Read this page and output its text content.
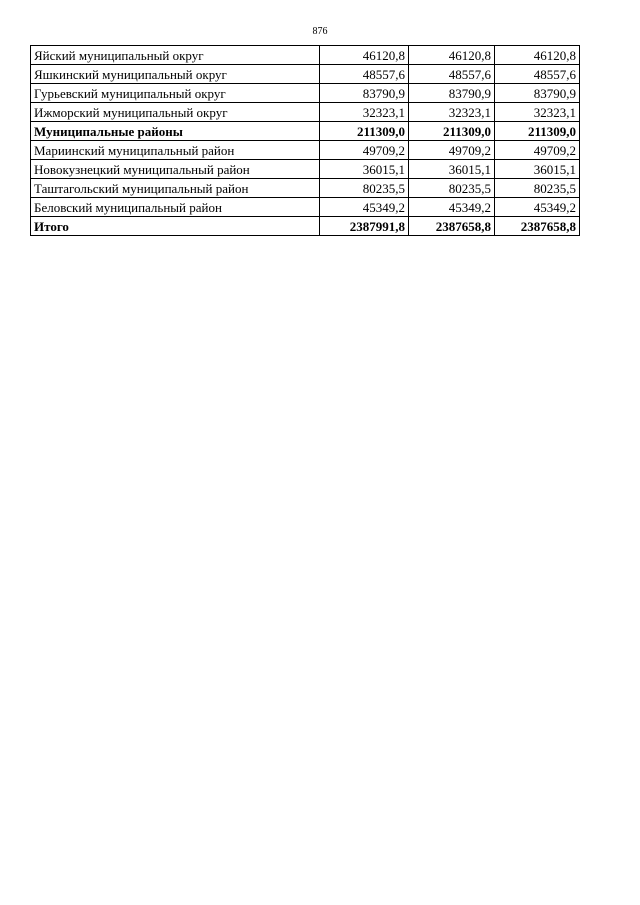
876
Яйский муниципальный округ	46120,8	46120,8	46120,8
Яшкинский муниципальный округ	48557,6	48557,6	48557,6
Гурьевский муниципальный округ	83790,9	83790,9	83790,9
Ижморский муниципальный округ	32323,1	32323,1	32323,1
Муниципальные районы	211309,0	211309,0	211309,0
Мариинский муниципальный район	49709,2	49709,2	49709,2
Новокузнецкий муниципальный район	36015,1	36015,1	36015,1
Таштагольский муниципальный район	80235,5	80235,5	80235,5
Беловский муниципальный район	45349,2	45349,2	45349,2
Итого	2387991,8	2387658,8	2387658,8
